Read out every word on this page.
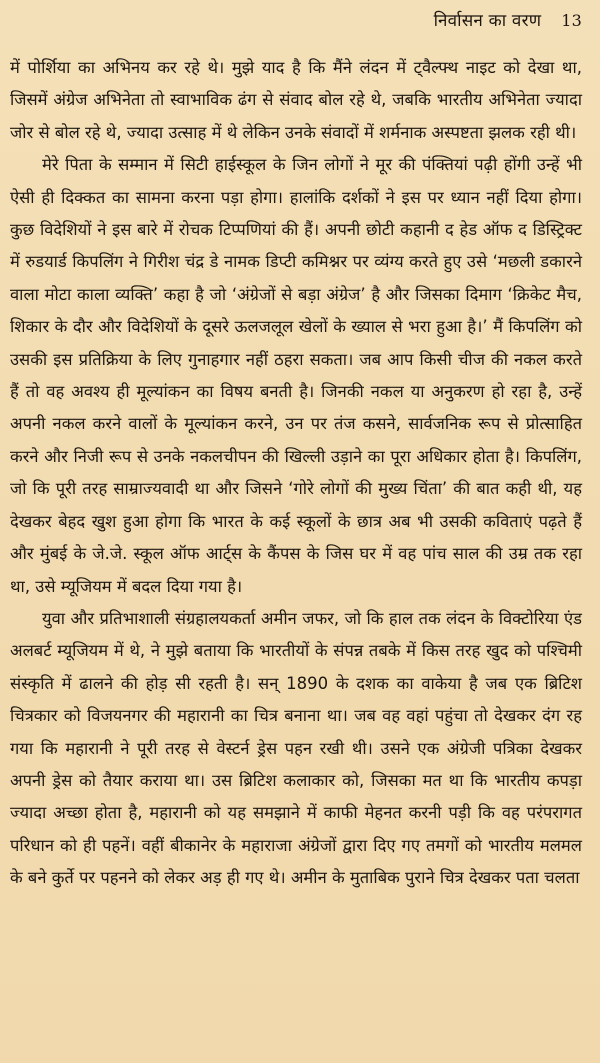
निर्वासन का वरण 13

में पोर्शिया का अभिनय कर रहे थे। मुझे याद है कि मैंने लंदन में ट्वैल्फ्थ नाइट को देखा था, जिसमें अंग्रेज अभिनेता तो स्वाभाविक ढंग से संवाद बोल रहे थे, जबकि भारतीय अभिनेता ज्यादा जोर से बोल रहे थे, ज्यादा उत्साह में थे लेकिन उनके संवादों में शर्मनाक अस्पष्टता झलक रही थी।

मेरे पिता के सम्मान में सिटी हाईस्कूल के जिन लोगों ने मूर की पंक्तियां पढ़ी होंगी उन्हें भी ऐसी ही दिक्कत का सामना करना पड़ा होगा। हालांकि दर्शकों ने इस पर ध्यान नहीं दिया होगा। कुछ विदेशियों ने इस बारे में रोचक टिप्पणियां की हैं। अपनी छोटी कहानी द हेड ऑफ द डिस्ट्रिक्ट में रुडयार्ड किपलिंग ने गिरीश चंद्र डे नामक डिप्टी कमिश्नर पर व्यंग्य करते हुए उसे ‘मछली डकारने वाला मोटा काला व्यक्ति’ कहा है जो ‘अंग्रेजों से बड़ा अंग्रेज’ है और जिसका दिमाग ‘क्रिकेट मैच, शिकार के दौर और विदेशियों के दूसरे ऊलजलूल खेलों के ख्याल से भरा हुआ है।’ मैं किपलिंग को उसकी इस प्रतिक्रिया के लिए गुनाहगार नहीं ठहरा सकता। जब आप किसी चीज की नकल करते हैं तो वह अवश्य ही मूल्यांकन का विषय बनती है। जिनकी नकल या अनुकरण हो रहा है, उन्हें अपनी नकल करने वालों के मूल्यांकन करने, उन पर तंज कसने, सार्वजनिक रूप से प्रोत्साहित करने और निजी रूप से उनके नकलचीपन की खिल्ली उड़ाने का पूरा अधिकार होता है। किपलिंग, जो कि पूरी तरह साम्राज्यवादी था और जिसने ‘गोरे लोगों की मुख्य चिंता’ की बात कही थी, यह देखकर बेहद खुश हुआ होगा कि भारत के कई स्कूलों के छात्र अब भी उसकी कविताएं पढ़ते हैं और मुंबई के जे.जे. स्कूल ऑफ आर्ट्स के कैंपस के जिस घर में वह पांच साल की उम्र तक रहा था, उसे म्यूजियम में बदल दिया गया है।

युवा और प्रतिभाशाली संग्रहालयकर्ता अमीन जफर, जो कि हाल तक लंदन के विक्टोरिया एंड अलबर्ट म्यूजियम में थे, ने मुझे बताया कि भारतीयों के संपन्न तबके में किस तरह खुद को पश्चिमी संस्कृति में ढालने की होड़ सी रहती है। सन् 1890 के दशक का वाकेया है जब एक ब्रिटिश चित्रकार को विजयनगर की महारानी का चित्र बनाना था। जब वह वहां पहुंचा तो देखकर दंग रह गया कि महारानी ने पूरी तरह से वेस्टर्न ड्रेस पहन रखी थी। उसने एक अंग्रेजी पत्रिका देखकर अपनी ड्रेस को तैयार कराया था। उस ब्रिटिश कलाकार को, जिसका मत था कि भारतीय कपड़ा ज्यादा अच्छा होता है, महारानी को यह समझाने में काफी मेहनत करनी पड़ी कि वह परंपरागत परिधान को ही पहनें। वहीं बीकानेर के महाराजा अंग्रेजों द्वारा दिए गए तमगों को भारतीय मलमल के बने कुर्ते पर पहनने को लेकर अड़ ही गए थे। अमीन के मुताबिक पुराने चित्र देखकर पता चलता
